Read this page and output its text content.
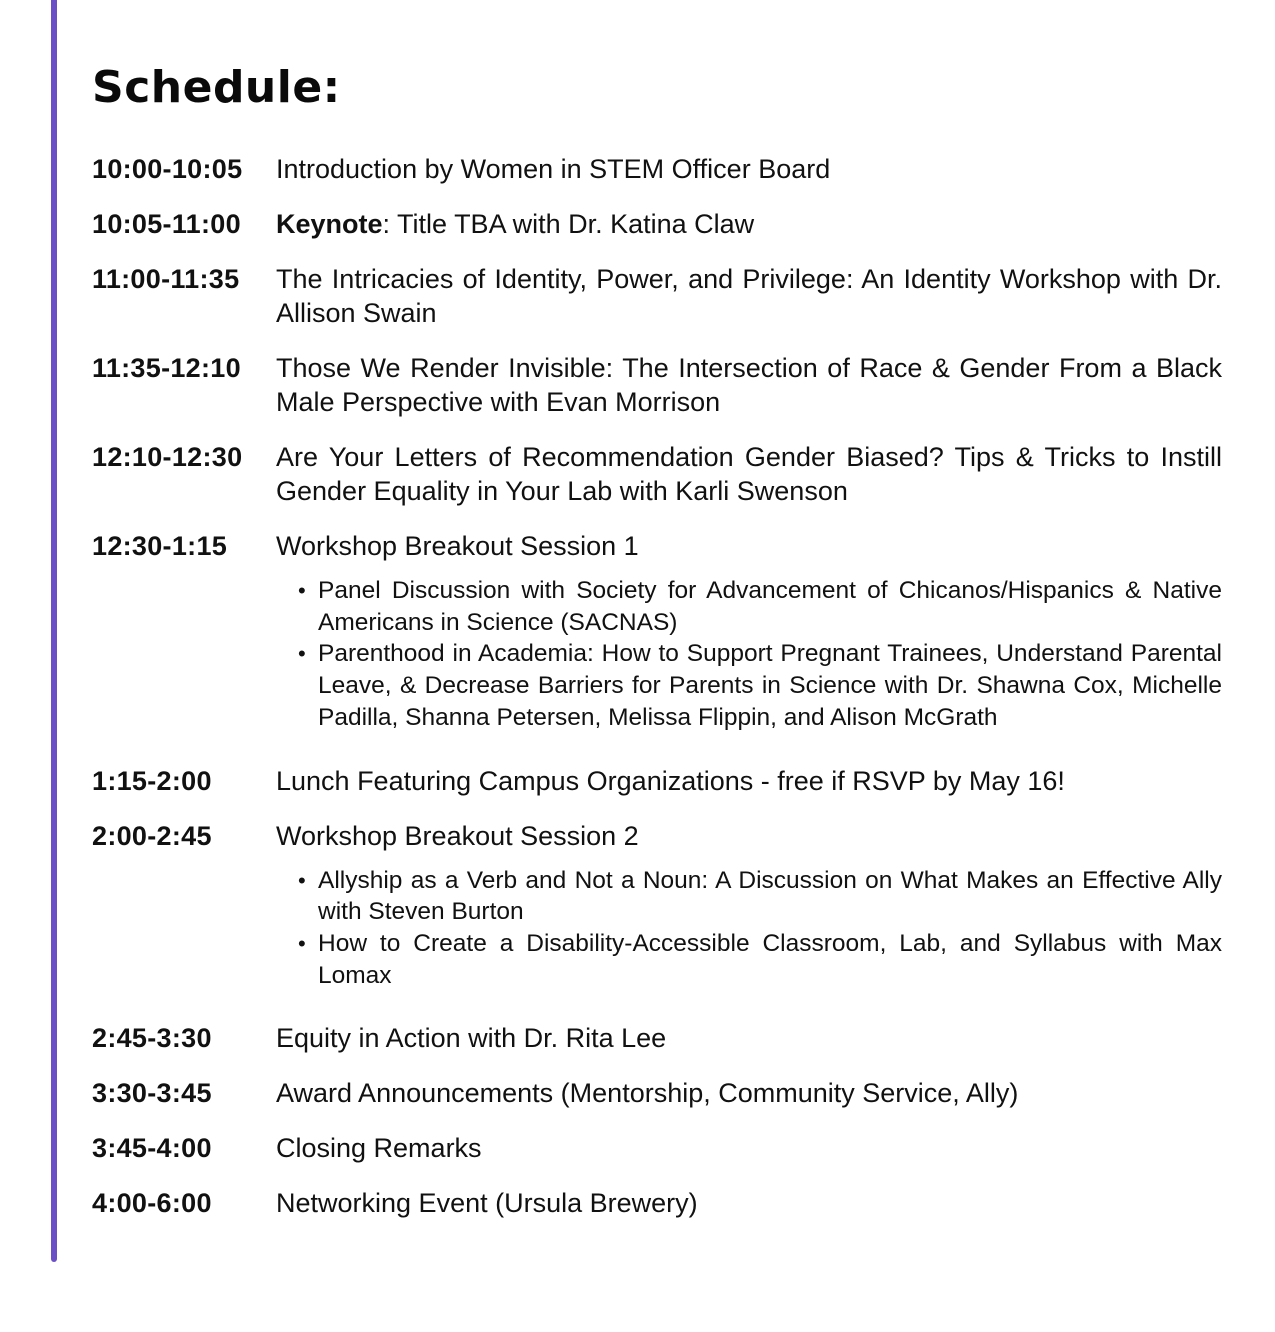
Schedule:
10:00-10:05	Introduction by Women in STEM Officer Board
10:05-11:00	Keynote: Title TBA with Dr. Katina Claw
11:00-11:35	The Intricacies of Identity, Power, and Privilege: An Identity Workshop with Dr. Allison Swain
11:35-12:10	Those We Render Invisible: The Intersection of Race & Gender From a Black Male Perspective with Evan Morrison
12:10-12:30	Are Your Letters of Recommendation Gender Biased? Tips & Tricks to Instill Gender Equality in Your Lab with Karli Swenson
12:30-1:15	Workshop Breakout Session 1
• Panel Discussion with Society for Advancement of Chicanos/Hispanics & Native Americans in Science (SACNAS)
• Parenthood in Academia: How to Support Pregnant Trainees, Understand Parental Leave, & Decrease Barriers for Parents in Science with Dr. Shawna Cox, Michelle Padilla, Shanna Petersen, Melissa Flippin, and Alison McGrath
1:15-2:00	Lunch Featuring Campus Organizations - free if RSVP by May 16!
2:00-2:45	Workshop Breakout Session 2
• Allyship as a Verb and Not a Noun: A Discussion on What Makes an Effective Ally with Steven Burton
• How to Create a Disability-Accessible Classroom, Lab, and Syllabus with Max Lomax
2:45-3:30	Equity in Action with Dr. Rita Lee
3:30-3:45	Award Announcements (Mentorship, Community Service, Ally)
3:45-4:00	Closing Remarks
4:00-6:00	Networking Event (Ursula Brewery)
